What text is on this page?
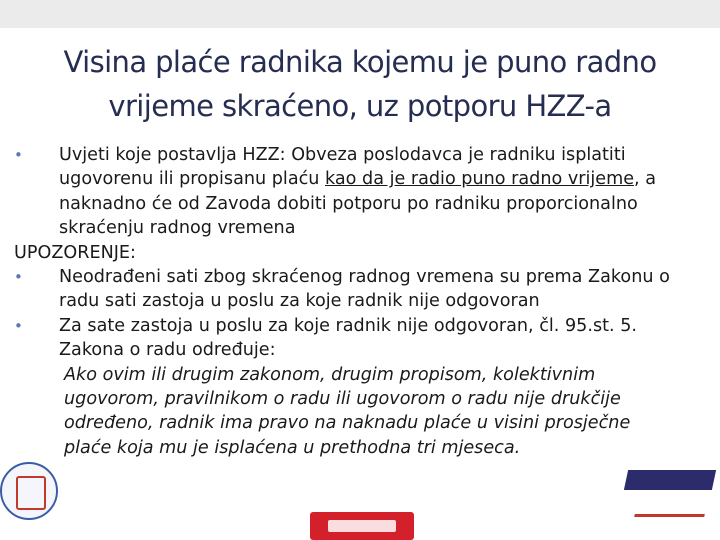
Visina plaće radnika kojemu je puno radno
vrijeme skraćeno, uz potporu HZZ-a
• Uvjeti koje postavlja HZZ: Obveza poslodavca je radniku isplatiti ugovorenu ili propisanu plaću kao da je radio puno radno vrijeme, a naknadno će od Zavoda dobiti potporu po radniku proporcionalno skraćenju radnog vremena
UPOZORENJE:
• Neodrađeni sati zbog skraćenog radnog vremena su prema Zakonu o radu sati zastoja u poslu za koje radnik nije odgovoran
• Za sate zastoja u poslu za koje radnik nije odgovoran, čl. 95.st. 5. Zakona o radu određuje:
Ako ovim ili drugim zakonom, drugim propisom, kolektivnim ugovorom, pravilnikom o radu ili ugovorom o radu nije drukčije određeno, radnik ima pravo na naknadu plaće u visini prosječne plaće koja mu je isplaćena u prethodna tri mjeseca.
